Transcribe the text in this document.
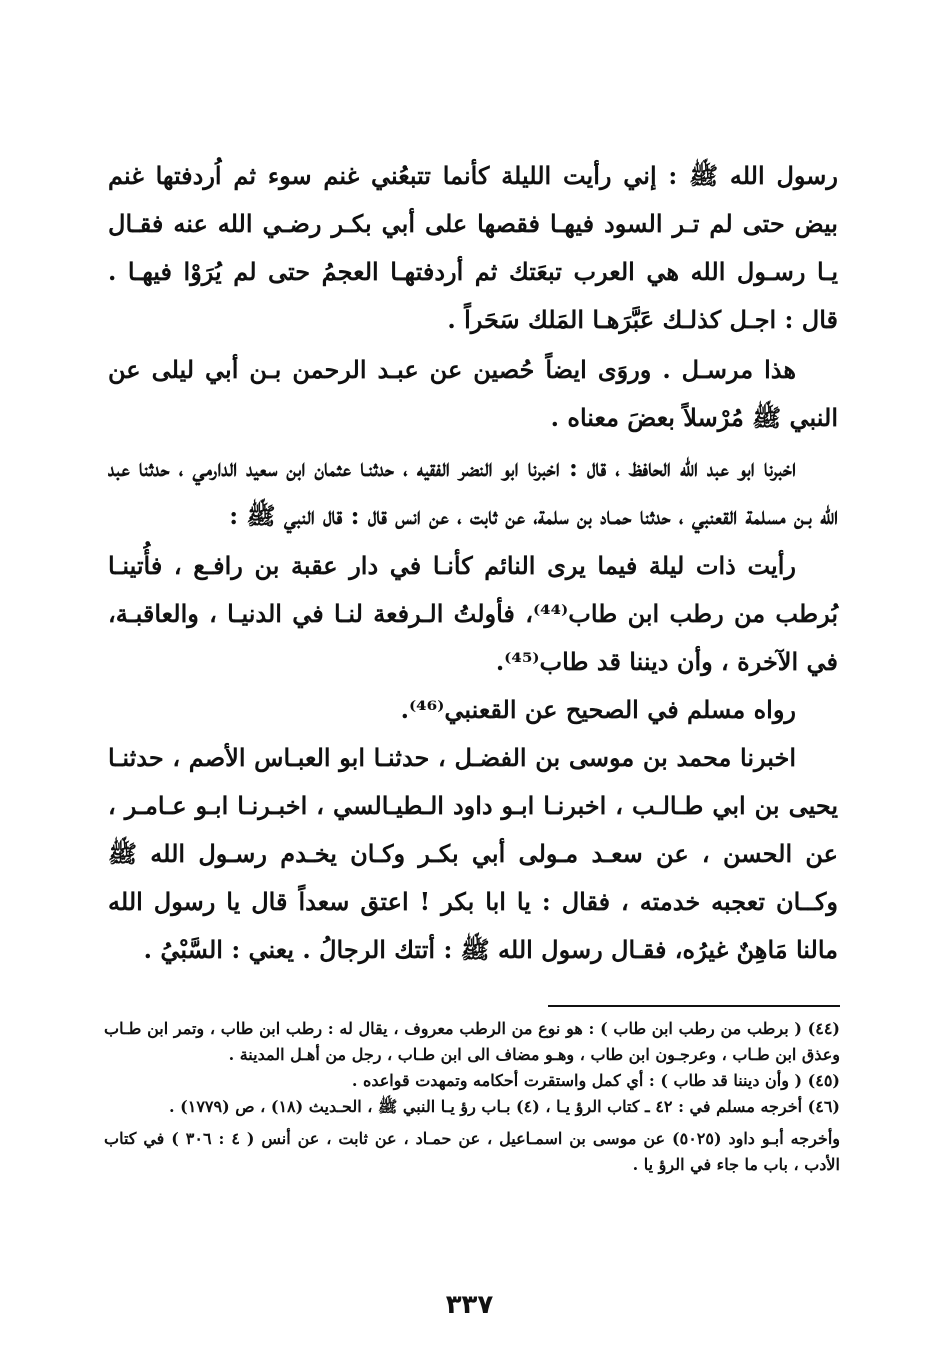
رسول الله ﷺ : إني رأيت الليلة كأنما تتبعُني غنم سوء ثم اُردفتها غنم بيض حتى لم تـر السود فيهـا فقصها على أبي بكـر رضـي الله عنه فقـال يـا رسـول الله هي العرب تبعَتك ثم أردفتهـا العجمُ حتى لم يُرَوْا فيهـا . قال : اجـل كذلـك عَبَّرَهـا المَلك سَحَراً .

هذا مرسـل . وروَى ايضاً حُصين عن عبـد الرحمن بـن أبي ليلى عن النبي ﷺ مُرْسلاً بعضَ معناه .

اخبرنا ابو عبد الله الحافظ ، قال : اخبرنا ابو النضر الفقيه ، حدثنـا عثمان ابن سعيد الدارمي ، حدثنا عبد الله بـن مسلمة القعنبي ، حدثنا حمـاد بن سلمة، عن ثابت ، عن انس قال : قال النبي ﷺ :

رأيت ذات ليلة فيما يرى النائم كأنـا في دار عقبة بن رافـع ، فأُتينـا بُرطب من رطب ابن طاب⁽⁴⁴⁾، فأولتُ الـرفعة لنـا في الدنيـا ، والعاقبـة، في الآخرة ، وأن ديننا قد طاب⁽⁴⁵⁾.

رواه مسلم في الصحيح عن القعنبي⁽⁴⁶⁾.

اخبرنا محمد بن موسى بن الفضـل ، حدثنـا ابو العبـاس الأصم ، حدثنـا يحيى بن ابي طـالـب ، اخبرنـا ابـو داود الـطيـالسي ، اخبـرنـا ابـو عـامـر ، عن الحسن ، عن سعـد مـولى أبي بكـر وكـان يخـدم رسـول الله ﷺ وكــان تعجبه خدمته ، فقال : يا ابا بكر ! اعتق سعداً قال يا رسول الله مالنا مَاهِنٌ غيرُه، فقـال رسول الله ﷺ : أتتك الرجالُ . يعني : السَّبْيُ .

(٤٤) ( برطب من رطب ابن طاب ) : هو نوع من الرطب معروف ، يقال له : رطب ابن طاب ، وتمر ابن طـاب وعذق ابن طـاب ، وعرجـون ابن طاب ، وهـو مضاف الى ابن طـاب ، رجل من أهـل المدينة .

(٤٥) ( وأن ديننا قد طاب ) : أي كمل واستقرت أحكامه وتمهدت قواعده .

(٤٦) أخرجه مسلم في : ٤٢ ـ كتاب الرؤ يـا ، (٤) بـاب رؤ يـا النبي ﷺ ، الحـديث (١٨) ، ص (١٧٧٩) .

وأخرجه أبـو داود (٥٠٢٥) عن موسى بن اسمـاعيل ، عن حمـاد ، عن ثابت ، عن أنس ( ٤ : ٣٠٦ ) في كتاب الأدب ، باب ما جاء في الرؤ يا .

٣٣٧
